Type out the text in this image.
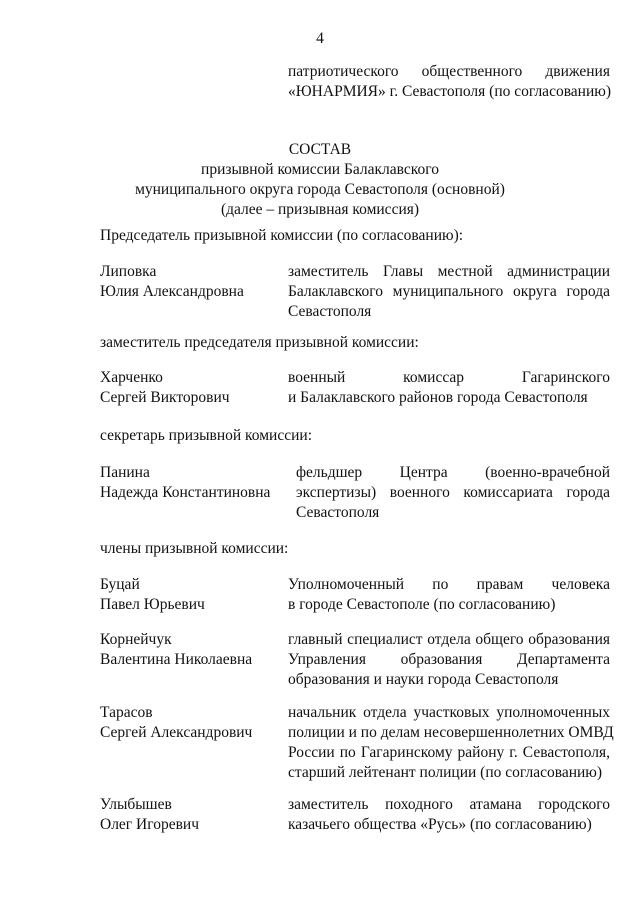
4
патриотического общественного движения
«ЮНАРМИЯ» г. Севастополя (по согласованию)
СОСТАВ
призывной комиссии Балаклавского
муниципального округа города Севастополя (основной)
(далее – призывная комиссия)
Председатель призывной комиссии (по согласованию):
Липовка
Юлия Александровна
заместитель Главы местной администрации
Балаклавского муниципального округа города
Севастополя
заместитель председателя призывной комиссии:
Харченко
Сергей Викторович
военный комиссар Гагаринского
и Балаклавского районов города Севастополя
секретарь призывной комиссии:
Панина
Надежда Константиновна
фельдшер Центра (военно-врачебной
экспертизы) военного комиссариата города
Севастополя
члены призывной комиссии:
Буцай
Павел Юрьевич
Уполномоченный по правам человека
в городе Севастополе (по согласованию)
Корнейчук
Валентина Николаевна
главный специалист отдела общего образования
Управления образования Департамента
образования и науки города Севастополя
Тарасов
Сергей Александрович
начальник отдела участковых уполномоченных
полиции и по делам несовершеннолетних ОМВД
России по Гагаринскому району г. Севастополя,
старший лейтенант полиции (по согласованию)
Улыбышев
Олег Игоревич
заместитель походного атамана городского
казачьего общества «Русь» (по согласованию)
